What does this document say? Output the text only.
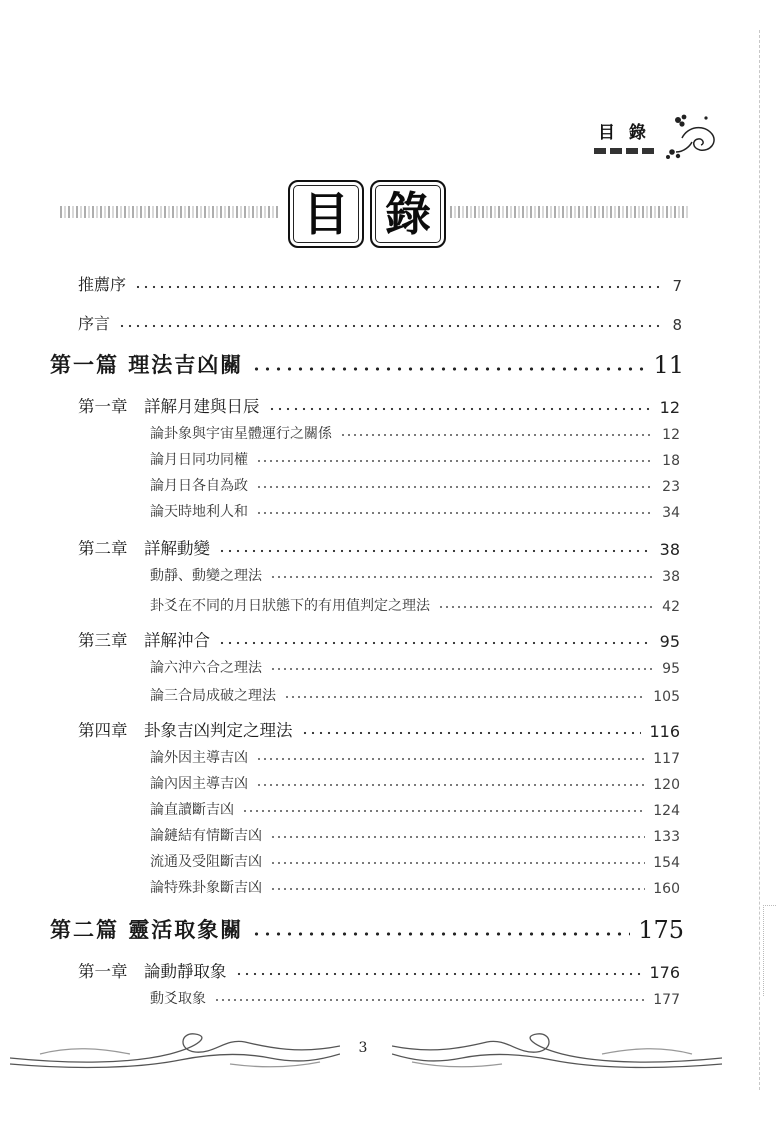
目 錄
目 錄
推薦序	7
序言	8
第一篇 理法吉凶關	11
第一章　詳解月建與日辰	12
論卦象與宇宙星體運行之關係	12
論月日同功同權	18
論月日各自為政	23
論天時地利人和	34
第二章　詳解動變	38
動靜、動變之理法	38
卦爻在不同的月日狀態下的有用值判定之理法	42
第三章　詳解沖合	95
論六沖六合之理法	95
論三合局成破之理法	105
第四章　卦象吉凶判定之理法	116
論外因主導吉凶	117
論內因主導吉凶	120
論直讀斷吉凶	124
論鏈結有情斷吉凶	133
流通及受阻斷吉凶	154
論特殊卦象斷吉凶	160
第二篇 靈活取象關	175
第一章　論動靜取象	176
動爻取象	177
3
